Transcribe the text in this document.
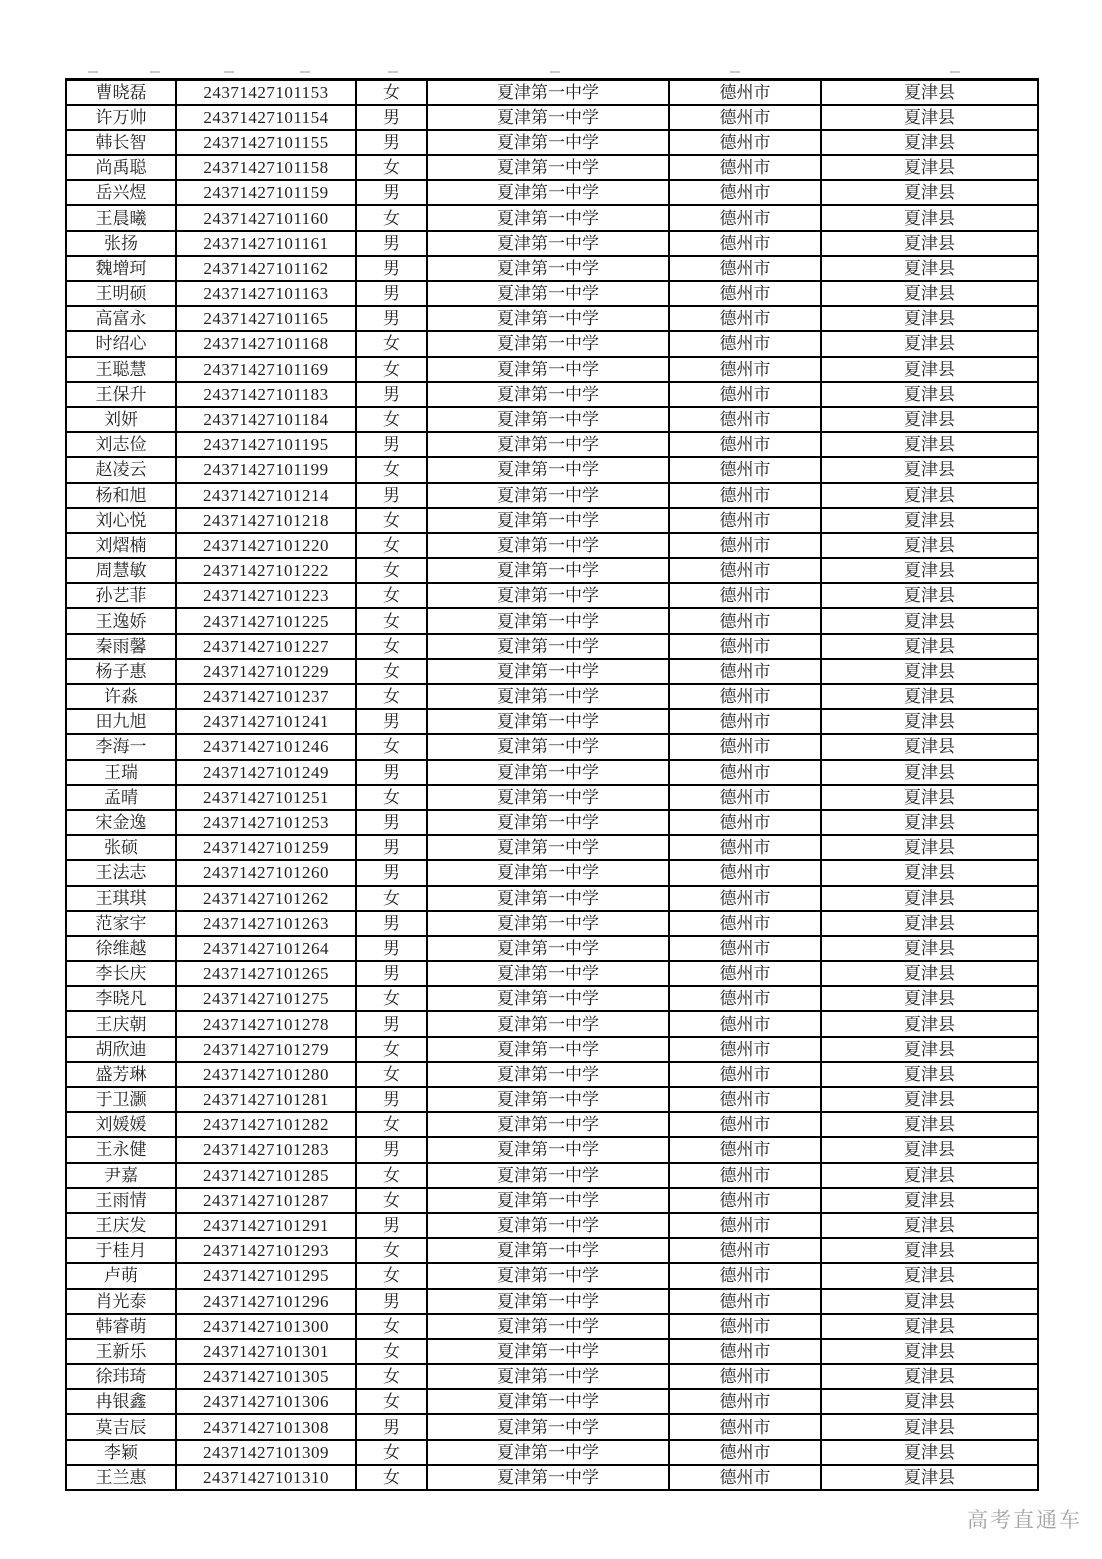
曹晓磊	24371427101153	女	夏津第一中学	德州市	夏津县
许万帅	24371427101154	男	夏津第一中学	德州市	夏津县
韩长智	24371427101155	男	夏津第一中学	德州市	夏津县
尚禹聪	24371427101158	女	夏津第一中学	德州市	夏津县
岳兴煜	24371427101159	男	夏津第一中学	德州市	夏津县
王晨曦	24371427101160	女	夏津第一中学	德州市	夏津县
张扬	24371427101161	男	夏津第一中学	德州市	夏津县
魏增珂	24371427101162	男	夏津第一中学	德州市	夏津县
王明硕	24371427101163	男	夏津第一中学	德州市	夏津县
高富永	24371427101165	男	夏津第一中学	德州市	夏津县
时绍心	24371427101168	女	夏津第一中学	德州市	夏津县
王聪慧	24371427101169	女	夏津第一中学	德州市	夏津县
王保升	24371427101183	男	夏津第一中学	德州市	夏津县
刘妍	24371427101184	女	夏津第一中学	德州市	夏津县
刘志俭	24371427101195	男	夏津第一中学	德州市	夏津县
赵凌云	24371427101199	女	夏津第一中学	德州市	夏津县
杨和旭	24371427101214	男	夏津第一中学	德州市	夏津县
刘心悦	24371427101218	女	夏津第一中学	德州市	夏津县
刘熠楠	24371427101220	女	夏津第一中学	德州市	夏津县
周慧敏	24371427101222	女	夏津第一中学	德州市	夏津县
孙艺菲	24371427101223	女	夏津第一中学	德州市	夏津县
王逸娇	24371427101225	女	夏津第一中学	德州市	夏津县
秦雨馨	24371427101227	女	夏津第一中学	德州市	夏津县
杨子惠	24371427101229	女	夏津第一中学	德州市	夏津县
许淼	24371427101237	女	夏津第一中学	德州市	夏津县
田九旭	24371427101241	男	夏津第一中学	德州市	夏津县
李海一	24371427101246	女	夏津第一中学	德州市	夏津县
王瑞	24371427101249	男	夏津第一中学	德州市	夏津县
孟晴	24371427101251	女	夏津第一中学	德州市	夏津县
宋金逸	24371427101253	男	夏津第一中学	德州市	夏津县
张硕	24371427101259	男	夏津第一中学	德州市	夏津县
王法志	24371427101260	男	夏津第一中学	德州市	夏津县
王琪琪	24371427101262	女	夏津第一中学	德州市	夏津县
范家宇	24371427101263	男	夏津第一中学	德州市	夏津县
徐维越	24371427101264	男	夏津第一中学	德州市	夏津县
李长庆	24371427101265	男	夏津第一中学	德州市	夏津县
李晓凡	24371427101275	女	夏津第一中学	德州市	夏津县
王庆朝	24371427101278	男	夏津第一中学	德州市	夏津县
胡欣迪	24371427101279	女	夏津第一中学	德州市	夏津县
盛芳琳	24371427101280	女	夏津第一中学	德州市	夏津县
于卫灏	24371427101281	男	夏津第一中学	德州市	夏津县
刘媛媛	24371427101282	女	夏津第一中学	德州市	夏津县
王永健	24371427101283	男	夏津第一中学	德州市	夏津县
尹嘉	24371427101285	女	夏津第一中学	德州市	夏津县
王雨情	24371427101287	女	夏津第一中学	德州市	夏津县
王庆发	24371427101291	男	夏津第一中学	德州市	夏津县
于桂月	24371427101293	女	夏津第一中学	德州市	夏津县
卢萌	24371427101295	女	夏津第一中学	德州市	夏津县
肖光泰	24371427101296	男	夏津第一中学	德州市	夏津县
韩睿萌	24371427101300	女	夏津第一中学	德州市	夏津县
王新乐	24371427101301	女	夏津第一中学	德州市	夏津县
徐玮琦	24371427101305	女	夏津第一中学	德州市	夏津县
冉银鑫	24371427101306	女	夏津第一中学	德州市	夏津县
莫吉辰	24371427101308	男	夏津第一中学	德州市	夏津县
李颖	24371427101309	女	夏津第一中学	德州市	夏津县
王兰惠	24371427101310	女	夏津第一中学	德州市	夏津县
高考直通车
